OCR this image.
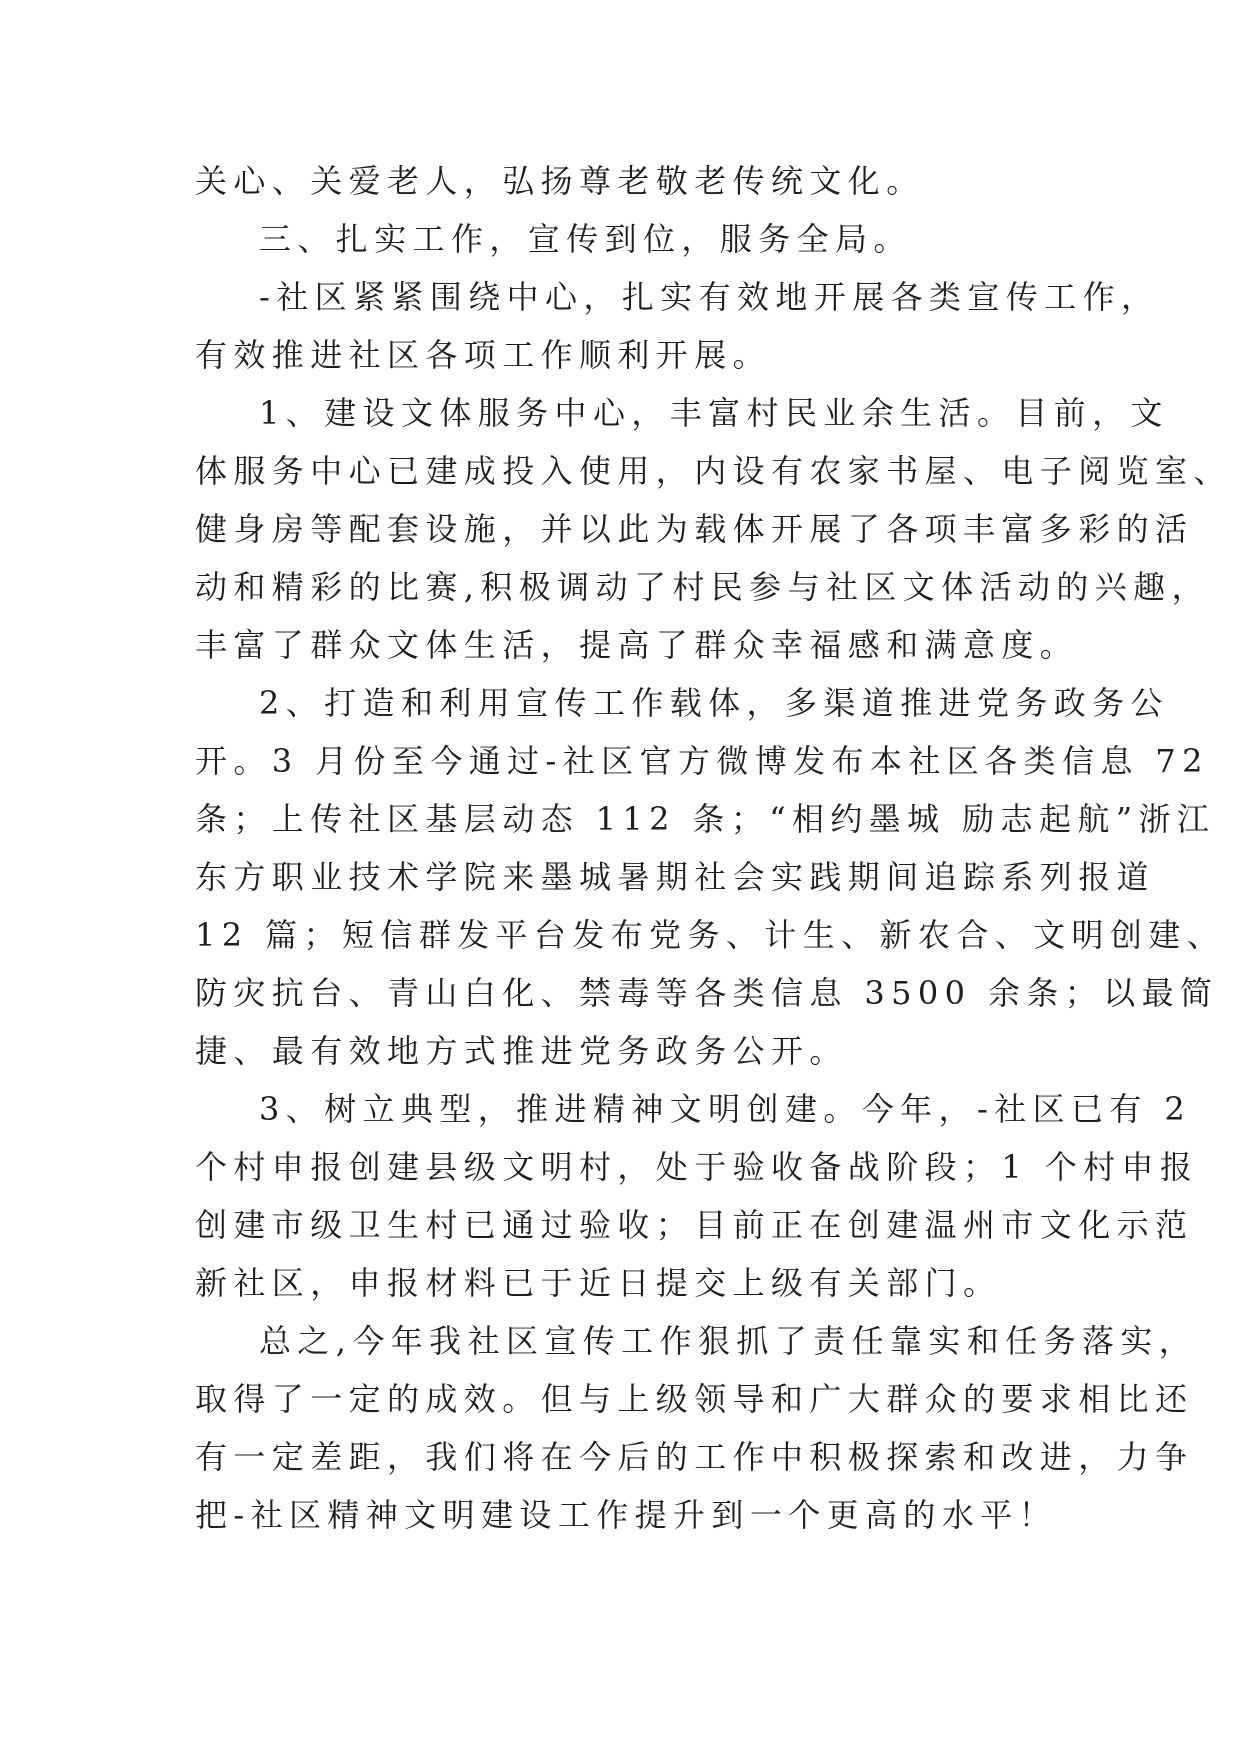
关心、关爱老人，弘扬尊老敬老传统文化。
三、扎实工作，宣传到位，服务全局。
-社区紧紧围绕中心，扎实有效地开展各类宣传工作，
有效推进社区各项工作顺利开展。
1、建设文体服务中心，丰富村民业余生活。目前，文
体服务中心已建成投入使用，内设有农家书屋、电子阅览室、
健身房等配套设施，并以此为载体开展了各项丰富多彩的活
动和精彩的比赛,积极调动了村民参与社区文体活动的兴趣，
丰富了群众文体生活，提高了群众幸福感和满意度。
2、打造和利用宣传工作载体，多渠道推进党务政务公
开。3 月份至今通过-社区官方微博发布本社区各类信息 72
条；上传社区基层动态 112 条；“相约墨城 励志起航”浙江
东方职业技术学院来墨城暑期社会实践期间追踪系列报道
12 篇；短信群发平台发布党务、计生、新农合、文明创建、
防灾抗台、青山白化、禁毒等各类信息 3500 余条；以最简
捷、最有效地方式推进党务政务公开。
3、树立典型，推进精神文明创建。今年，-社区已有 2
个村申报创建县级文明村，处于验收备战阶段；1 个村申报
创建市级卫生村已通过验收；目前正在创建温州市文化示范
新社区，申报材料已于近日提交上级有关部门。
总之,今年我社区宣传工作狠抓了责任靠实和任务落实，
取得了一定的成效。但与上级领导和广大群众的要求相比还
有一定差距，我们将在今后的工作中积极探索和改进，力争
把-社区精神文明建设工作提升到一个更高的水平！
